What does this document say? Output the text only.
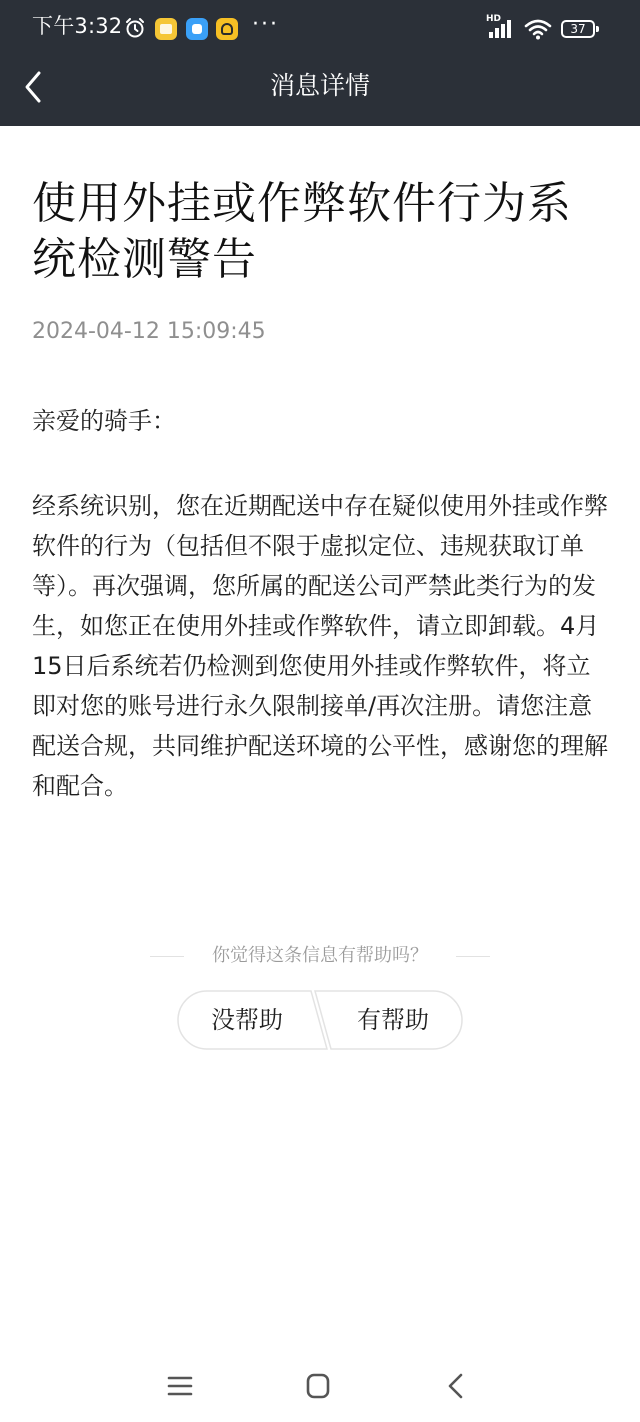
下午3:32	···	HD
37
消息详情
使用外挂或作弊软件行为系统检测警告
2024-04-12 15:09:45
亲爱的骑手：
经系统识别，您在近期配送中存在疑似使用外挂或作弊软件的行为（包括但不限于虚拟定位、违规获取订单等）。再次强调，您所属的配送公司严禁此类行为的发生，如您正在使用外挂或作弊软件，请立即卸载。4月15日后系统若仍检测到您使用外挂或作弊软件，将立即对您的账号进行永久限制接单/再次注册。请您注意配送合规，共同维护配送环境的公平性，感谢您的理解和配合。
你觉得这条信息有帮助吗？
没帮助	有帮助
